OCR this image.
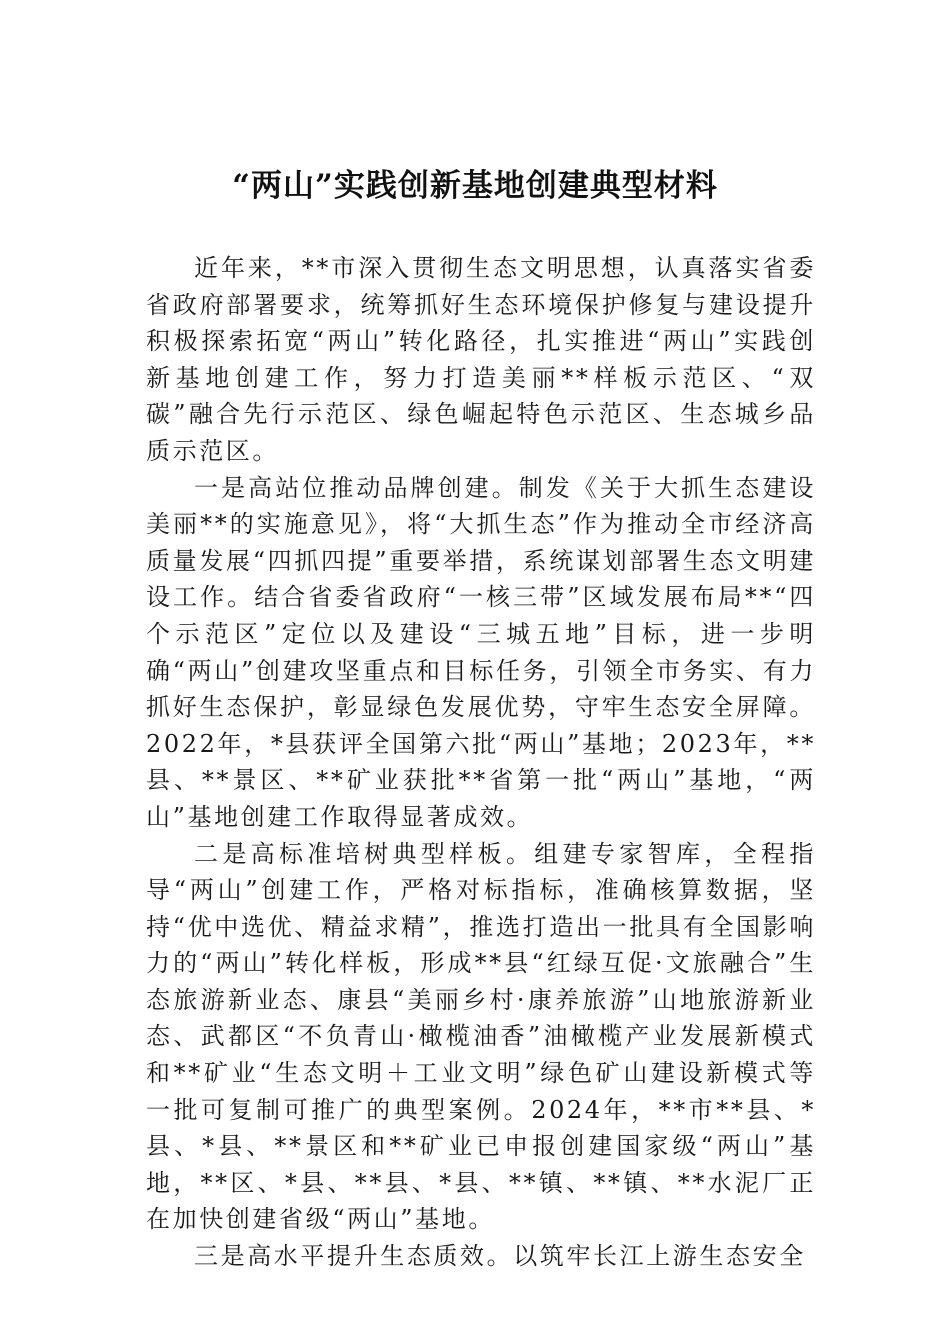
“两山”实践创新基地创建典型材料

近年来，**市深入贯彻生态文明思想，认真落实省委省政府部署要求，统筹抓好生态环境保护修复与建设提升积极探索拓宽“两山”转化路径，扎实推进“两山”实践创新基地创建工作，努力打造美丽**样板示范区、“双碳”融合先行示范区、绿色崛起特色示范区、生态城乡品质示范区。

一是高站位推动品牌创建。制发《关于大抓生态建设美丽**的实施意见》，将“大抓生态”作为推动全市经济高质量发展“四抓四提”重要举措，系统谋划部署生态文明建设工作。结合省委省政府“一核三带”区域发展布局**“四个示范区”定位以及建设“三城五地”目标，进一步明确“两山”创建攻坚重点和目标任务，引领全市务实、有力抓好生态保护，彰显绿色发展优势，守牢生态安全屏障。2022年，*县获评全国第六批“两山”基地；2023年，**县、**景区、**矿业获批**省第一批“两山”基地，“两山”基地创建工作取得显著成效。

二是高标准培树典型样板。组建专家智库，全程指导“两山”创建工作，严格对标指标，准确核算数据，坚持“优中选优、精益求精”，推选打造出一批具有全国影响力的“两山”转化样板，形成**县“红绿互促·文旅融合”生态旅游新业态、康县“美丽乡村·康养旅游”山地旅游新业态、武都区“不负青山·橄榄油香”油橄榄产业发展新模式和**矿业“生态文明＋工业文明”绿色矿山建设新模式等一批可复制可推广的典型案例。2024年，**市**县、*县、*县、**景区和**矿业已申报创建国家级“两山”基地，**区、*县、**县、*县、**镇、**镇、**水泥厂正在加快创建省级“两山”基地。

三是高水平提升生态质效。以筑牢长江上游生态安全
